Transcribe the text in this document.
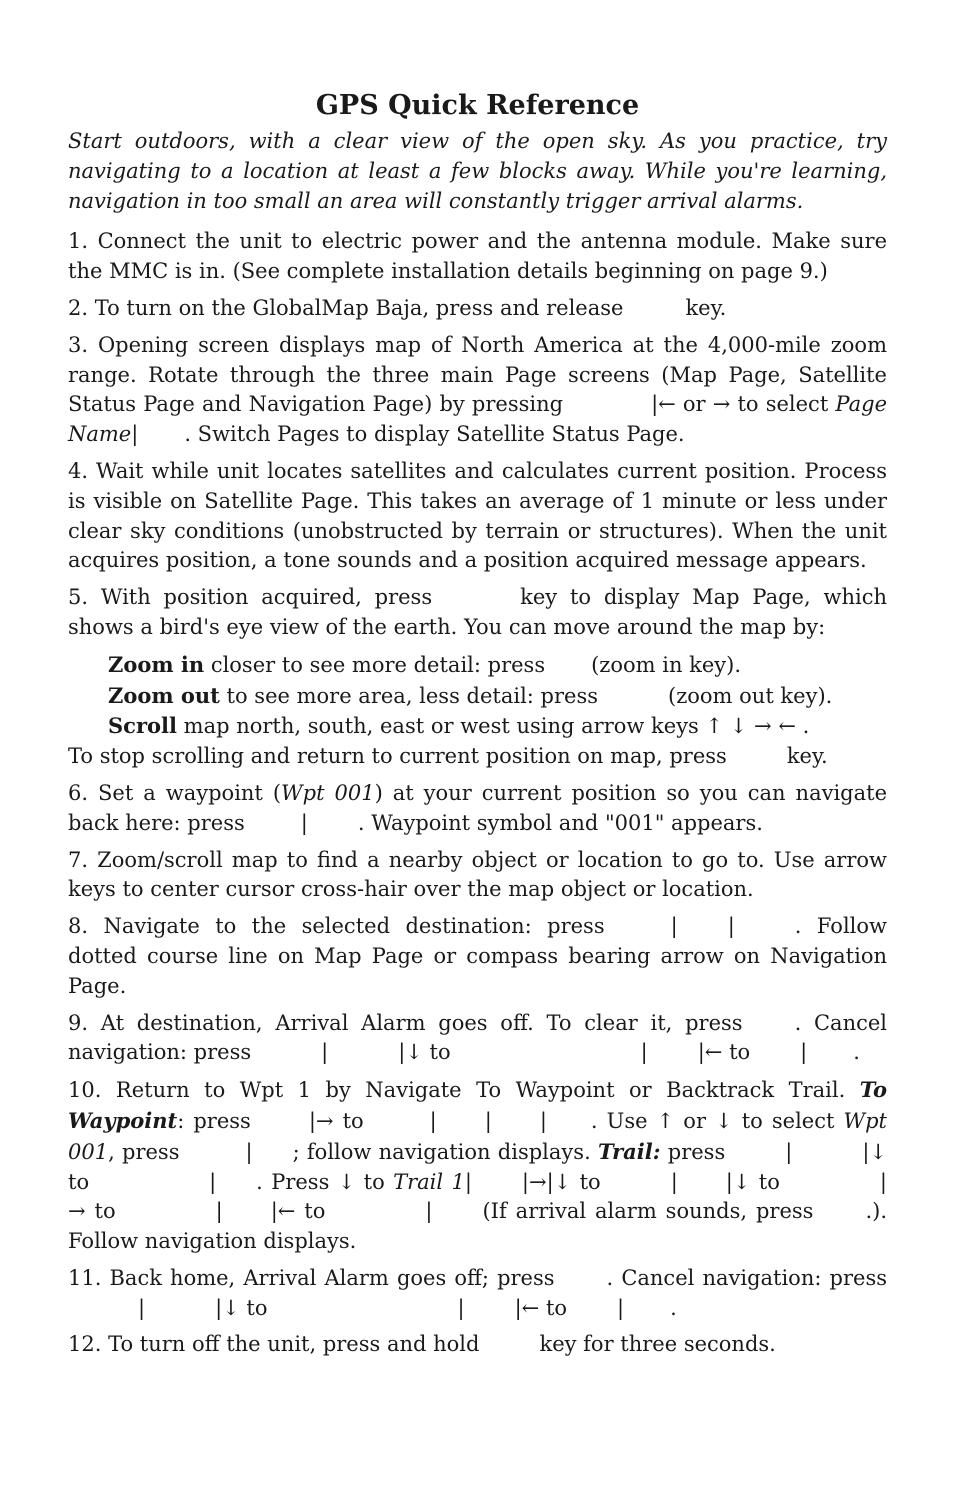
GPS Quick Reference

Start outdoors, with a clear view of the open sky. As you practice, try navigating to a location at least a few blocks away. While you're learning, navigation in too small an area will constantly trigger arrival alarms.

1. Connect the unit to electric power and the antenna module. Make sure the MMC is in. (See complete installation details beginning on page 9.)

2. To turn on the GlobalMap Baja, press and release	key.

3. Opening screen displays map of North America at the 4,000-mile zoom range. Rotate through the three main Page screens (Map Page, Satellite Status Page and Navigation Page) by pressing	|← or → to select Page Name| . Switch Pages to display Satellite Status Page.

4. Wait while unit locates satellites and calculates current position. Process is visible on Satellite Page. This takes an average of 1 minute or less under clear sky conditions (unobstructed by terrain or structures). When the unit acquires position, a tone sounds and a position acquired message appears.

5. With position acquired, press	key to display Map Page, which shows a bird's eye view of the earth. You can move around the map by:

Zoom in closer to see more detail: press (zoom in key).

Zoom out to see more area, less detail: press	(zoom out key).

Scroll map north, south, east or west using arrow keys ↑ ↓ → ← .

To stop scrolling and return to current position on map, press	key.

6. Set a waypoint (Wpt 001) at your current position so you can navigate back here: press	| . Waypoint symbol and "001" appears.

7. Zoom/scroll map to find a nearby object or location to go to. Use arrow keys to center cursor cross-hair over the map object or location.

8. Navigate to the selected destination: press	| |	. Follow dotted course line on Map Page or compass bearing arrow on Navigation Page.

9. At destination, Arrival Alarm goes off. To clear it, press . Cancel navigation: press	|	|↓ to	| |← to | .

10. Return to Wpt 1 by Navigate To Waypoint or Backtrack Trail. To Waypoint: press	|→ to	| | | . Use ↑ or ↓ to select Wpt 001, press	| ; follow navigation displays. Trail: press	|	|↓ to	| . Press ↓ to Trail 1| |→|↓ to	| |↓ to	|→ to	| |← to	| (If arrival alarm sounds, press .). Follow navigation displays.

11. Back home, Arrival Alarm goes off; press . Cancel navigation: press|	|↓ to	| |← to | .

12. To turn off the unit, press and hold	key for three seconds.
